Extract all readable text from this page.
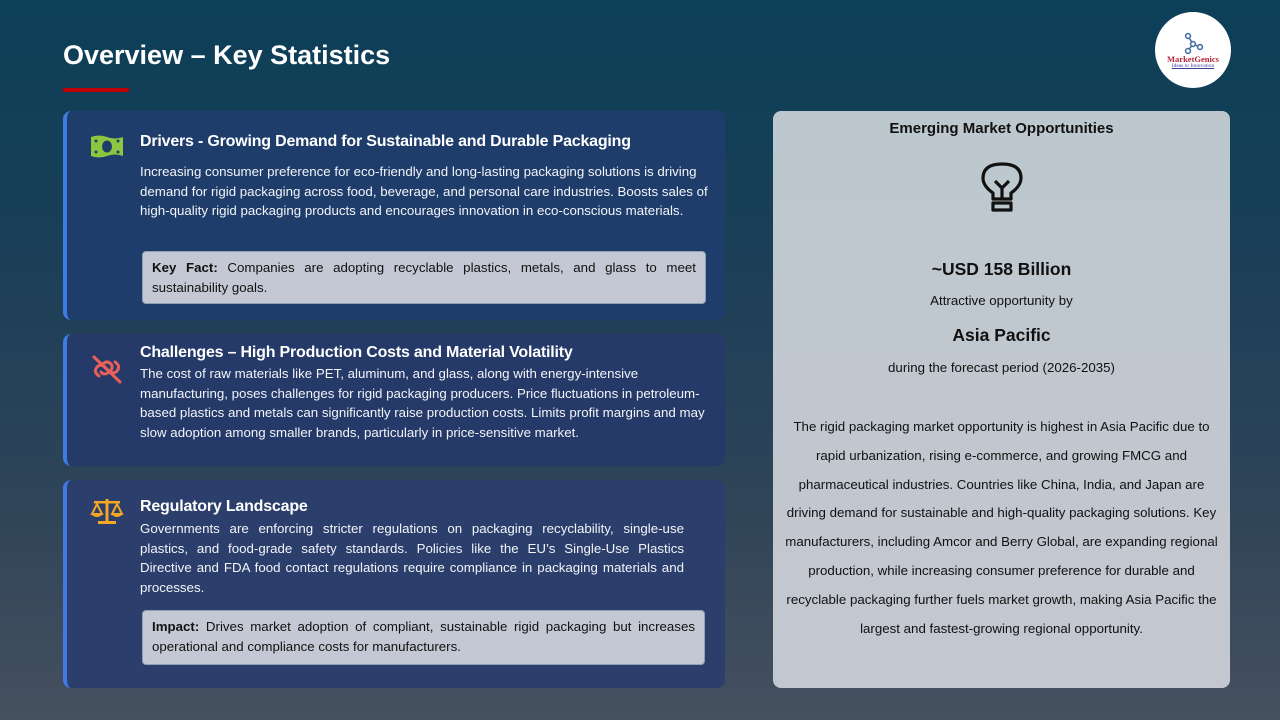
Overview – Key Statistics	MarketGenics
Ideas to Innovation
Drivers - Growing Demand for Sustainable and Durable Packaging
Increasing consumer preference for eco-friendly and long-lasting packaging solutions is driving demand for rigid packaging across food, beverage, and personal care industries. Boosts sales of high-quality rigid packaging products and encourages innovation in eco-conscious materials.
Key Fact: Companies are adopting recyclable plastics, metals, and glass to meet sustainability goals.
Challenges – High Production Costs and Material Volatility
The cost of raw materials like PET, aluminum, and glass, along with energy-intensive manufacturing, poses challenges for rigid packaging producers. Price fluctuations in petroleum-based plastics and metals can significantly raise production costs. Limits profit margins and may slow adoption among smaller brands, particularly in price-sensitive market.
Regulatory Landscape
Governments are enforcing stricter regulations on packaging recyclability, single-use plastics, and food-grade safety standards. Policies like the EU’s Single-Use Plastics Directive and FDA food contact regulations require compliance in packaging materials and processes.
Impact: Drives market adoption of compliant, sustainable rigid packaging but increases operational and compliance costs for manufacturers.
Emerging Market Opportunities
~USD 158 Billion
Attractive opportunity by
Asia Pacific
during the forecast period (2026-2035)
The rigid packaging market opportunity is highest in Asia Pacific due to rapid urbanization, rising e-commerce, and growing FMCG and pharmaceutical industries. Countries like China, India, and Japan are driving demand for sustainable and high-quality packaging solutions. Key manufacturers, including Amcor and Berry Global, are expanding regional production, while increasing consumer preference for durable and recyclable packaging further fuels market growth, making Asia Pacific the largest and fastest-growing regional opportunity.
